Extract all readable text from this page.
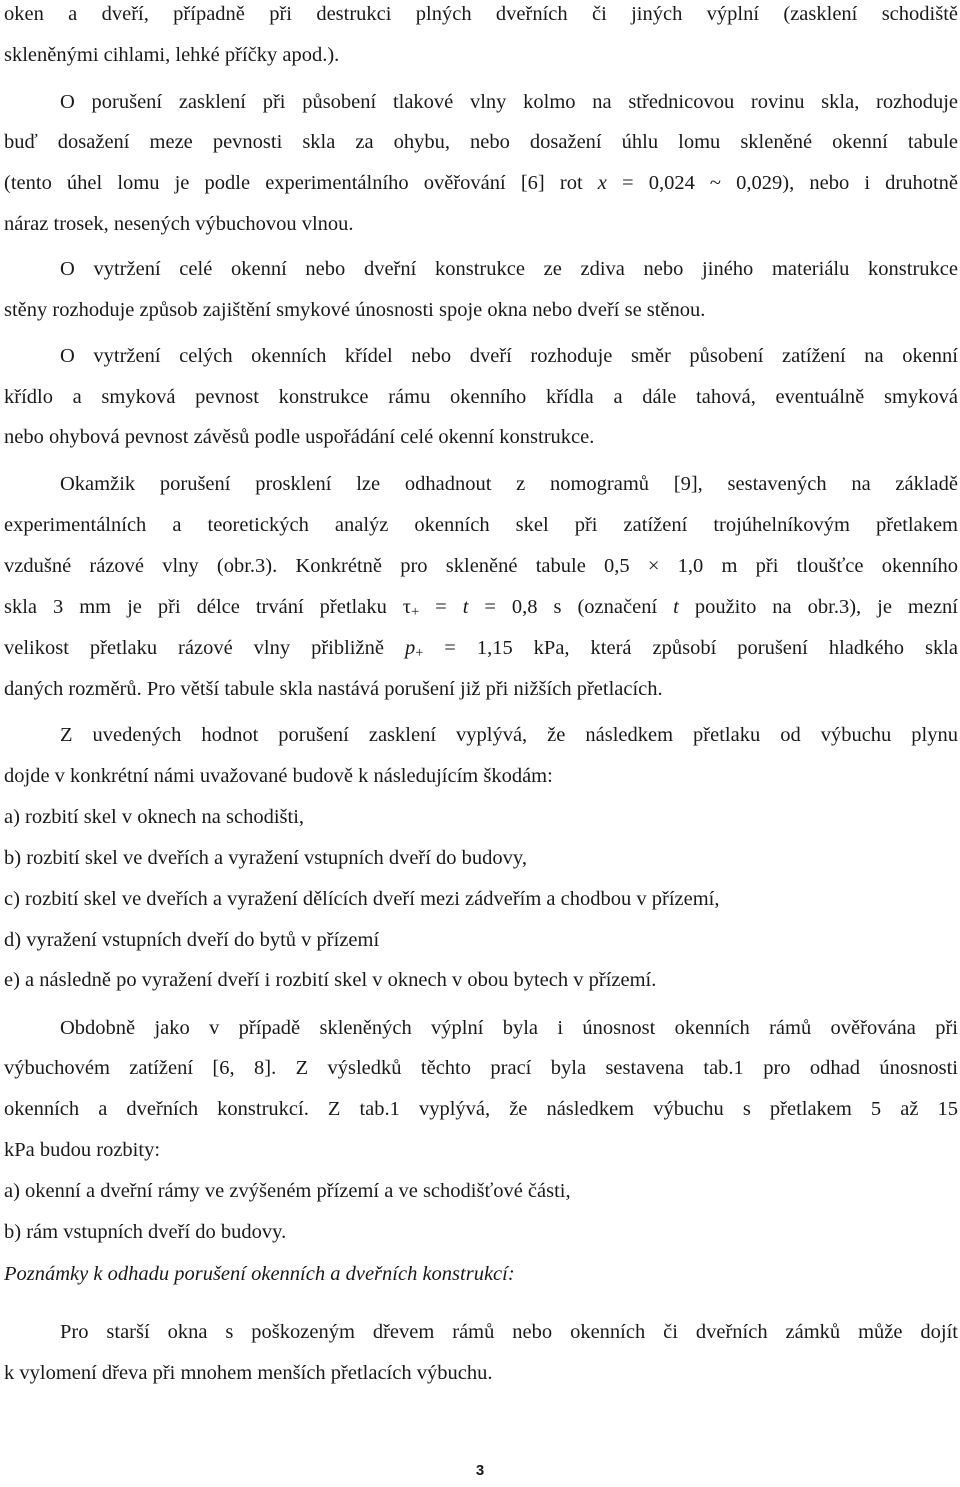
oken a dveří, případně při destrukci plných dveřních či jiných výplní (zasklení schodiště

skleněnými cihlami, lehké příčky apod.).

O porušení zasklení při působení tlakové vlny kolmo na střednicovou rovinu skla, rozhoduje

buď dosažení meze pevnosti skla za ohybu, nebo dosažení úhlu lomu skleněné okenní tabule

(tento úhel lomu je podle experimentálního ověřování [6] rot x = 0,024 ~ 0,029), nebo i druhotně

náraz trosek, nesených výbuchovou vlnou.

O vytržení celé okenní nebo dveřní konstrukce ze zdiva nebo jiného materiálu konstrukce

stěny rozhoduje způsob zajištění smykové únosnosti spoje okna nebo dveří se stěnou.

O vytržení celých okenních křídel nebo dveří rozhoduje směr působení zatížení na okenní

křídlo a smyková pevnost konstrukce rámu okenního křídla a dále tahová, eventuálně smyková

nebo ohybová pevnost závěsů podle uspořádání celé okenní konstrukce.

Okamžik porušení prosklení lze odhadnout z nomogramů [9], sestavených na základě

experimentálních a teoretických analýz okenních skel při zatížení trojúhelníkovým přetlakem

vzdušné rázové vlny (obr.3). Konkrétně pro skleněné tabule 0,5 × 1,0 m při tloušťce okenního

skla 3 mm je při délce trvání přetlaku $\tau_+ = t = 0,8$ s (označení t použito na obr.3), je mezní

velikost přetlaku rázové vlny přibližně $p_+ = 1,15$ kPa, která způsobí porušení hladkého skla

daných rozměrů. Pro větší tabule skla nastává porušení již při nižších přetlacích.

Z uvedených hodnot porušení zasklení vyplývá, že následkem přetlaku od výbuchu plynu

dojde v konkrétní námi uvažované budově k následujícím škodám:

a) rozbití skel v oknech na schodišti,

b) rozbití skel ve dveřích a vyražení vstupních dveří do budovy,

c) rozbití skel ve dveřích a vyražení dělících dveří mezi zádveřím a chodbou v přízemí,

d) vyražení vstupních dveří do bytů v přízemí

e) a následně po vyražení dveří i rozbití skel v oknech v obou bytech v přízemí.

Obdobně jako v případě skleněných výplní byla i únosnost okenních rámů ověřována při

výbuchovém zatížení [6, 8]. Z výsledků těchto prací byla sestavena tab.1 pro odhad únosnosti

okenních a dveřních konstrukcí. Z tab.1 vyplývá, že následkem výbuchu s přetlakem 5 až 15

kPa budou rozbity:

a) okenní a dveřní rámy ve zvýšeném přízemí a ve schodišťové části,

b) rám vstupních dveří do budovy.

Poznámky k odhadu porušení okenních a dveřních konstrukcí:

Pro starší okna s poškozeným dřevem rámů nebo okenních či dveřních zámků může dojít

k vylomení dřeva při mnohem menších přetlacích výbuchu.

3
